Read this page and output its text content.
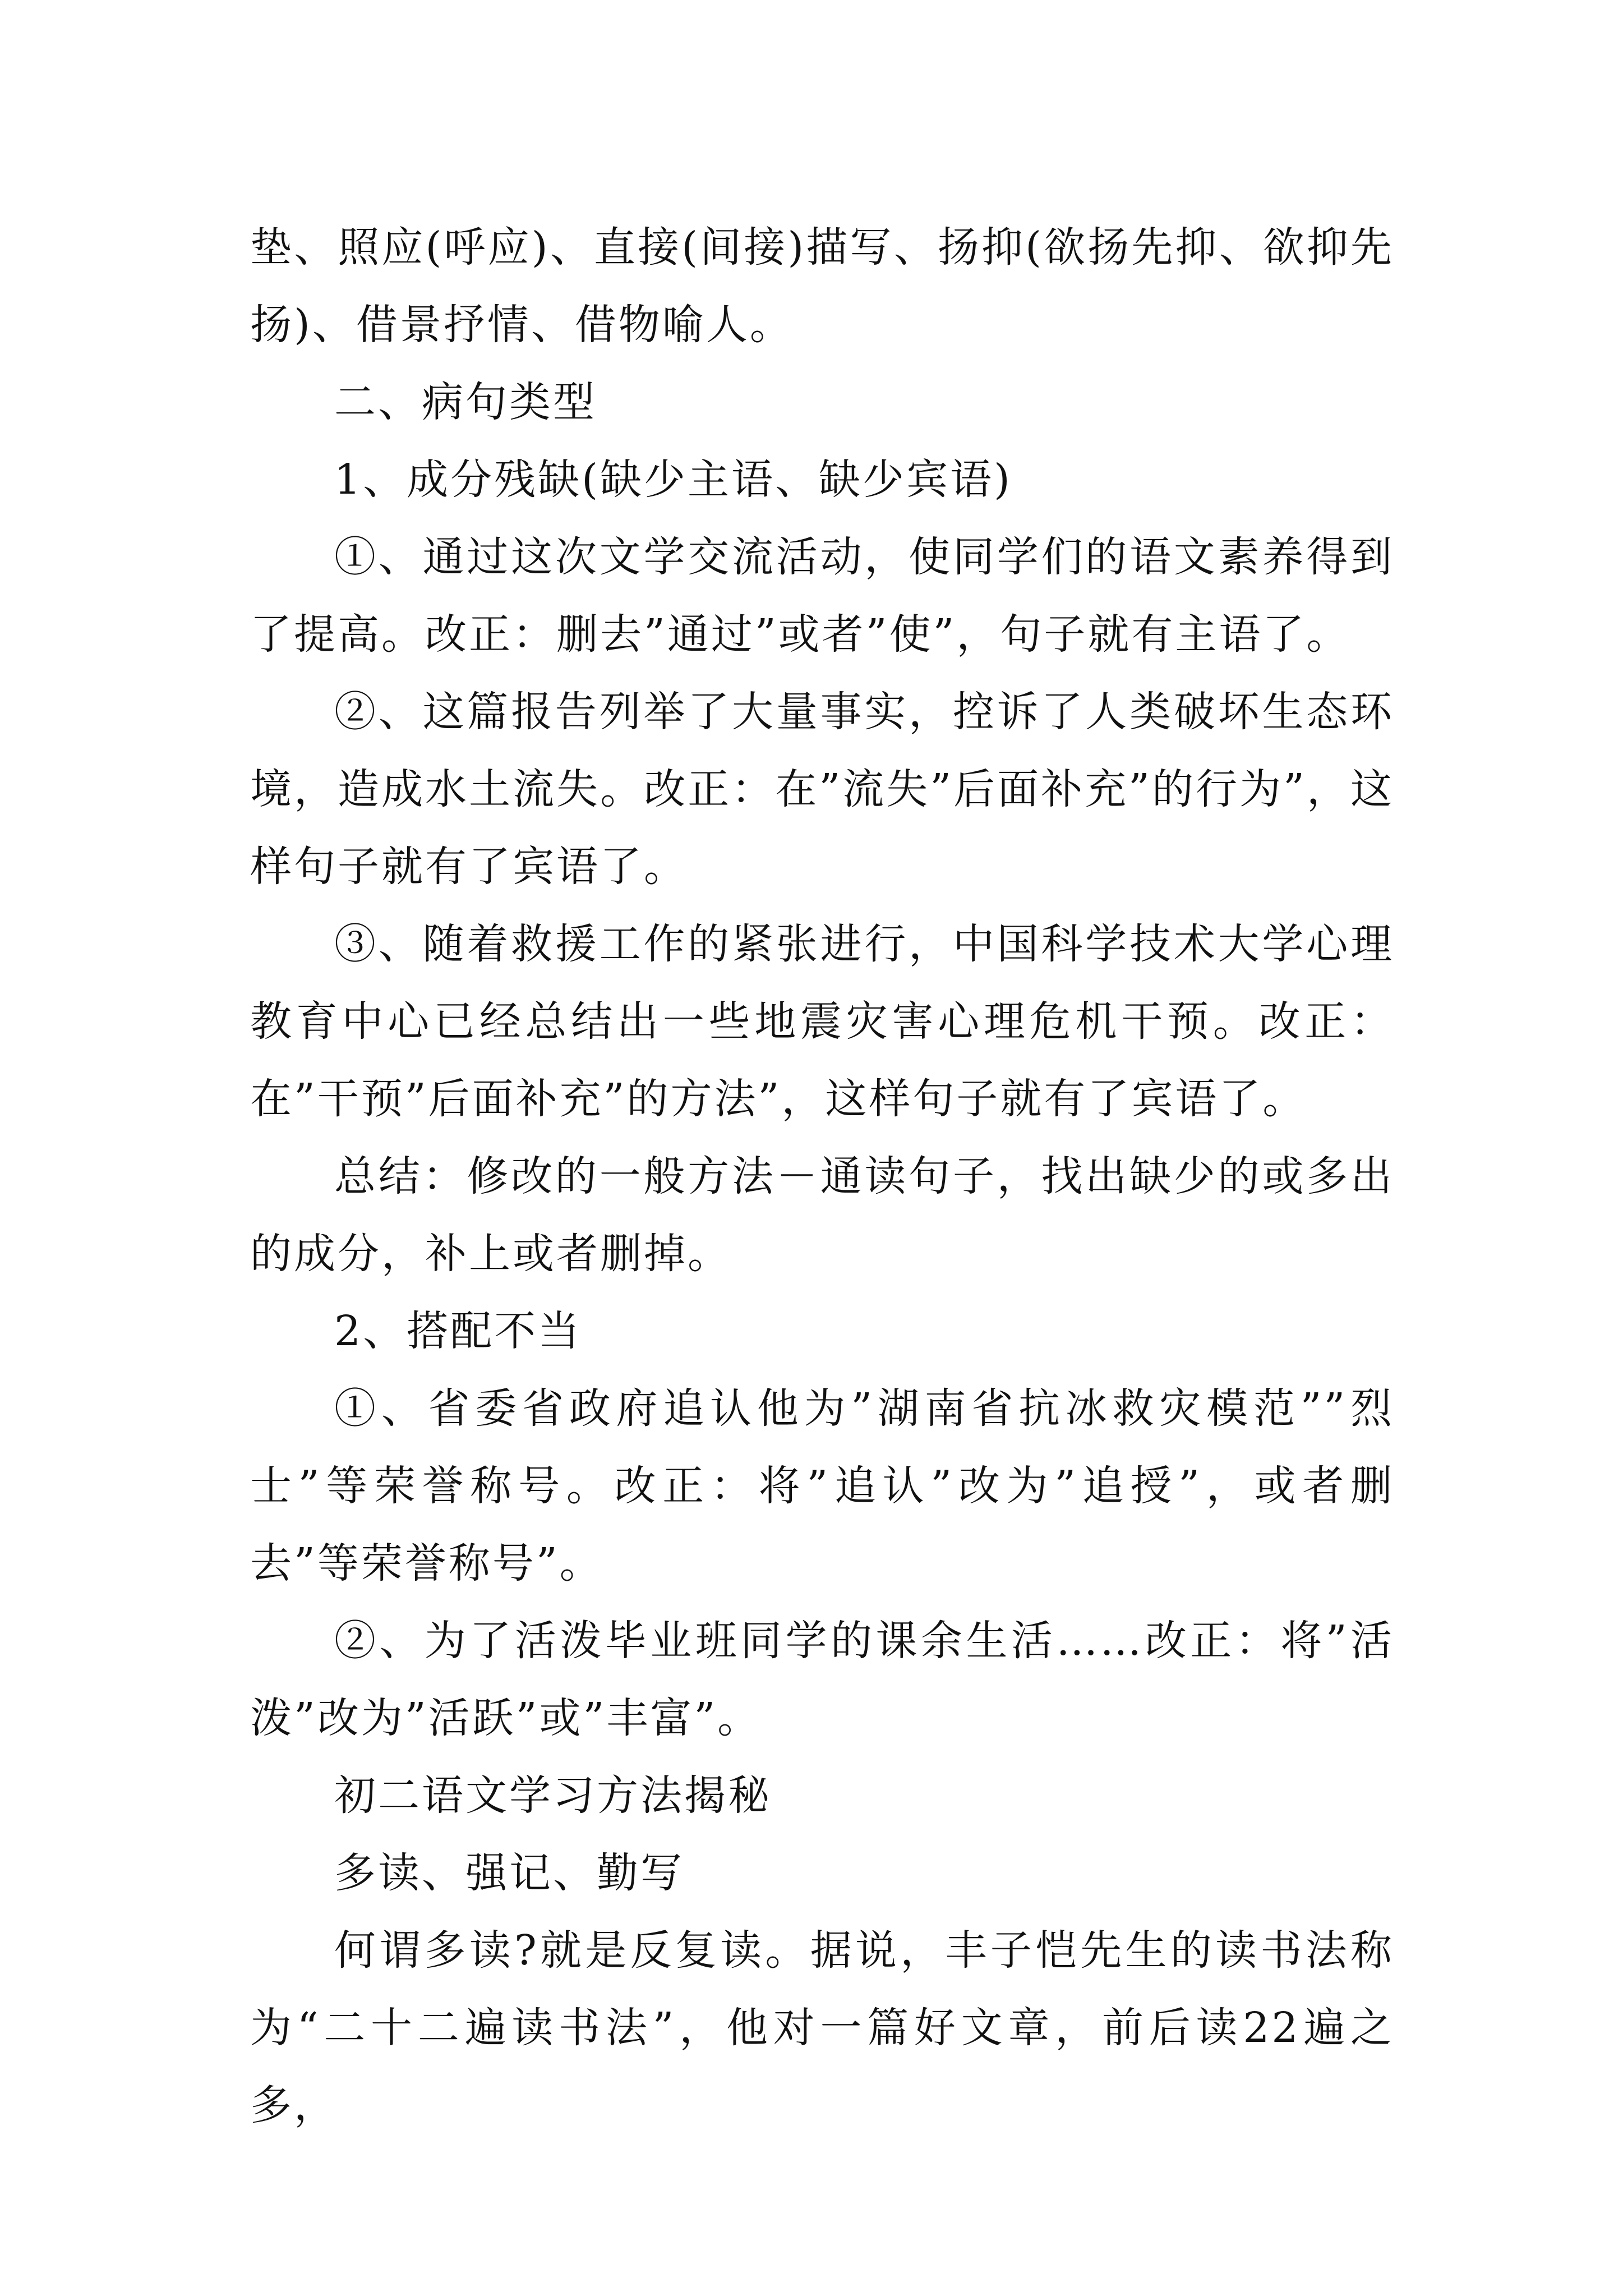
垫、照应(呼应)、直接(间接)描写、扬抑(欲扬先抑、欲抑先扬)、借景抒情、借物喻人。

二、病句类型

1、成分残缺(缺少主语、缺少宾语)

①、通过这次文学交流活动，使同学们的语文素养得到了提高。改正：删去”通过”或者”使”，句子就有主语了。

②、这篇报告列举了大量事实，控诉了人类破坏生态环境，造成水土流失。改正：在”流失”后面补充”的行为”，这样句子就有了宾语了。

③、随着救援工作的紧张进行，中国科学技术大学心理教育中心已经总结出一些地震灾害心理危机干预。改正：在”干预”后面补充”的方法”，这样句子就有了宾语了。

总结：修改的一般方法－通读句子，找出缺少的或多出的成分，补上或者删掉。

2、搭配不当

①、省委省政府追认他为”湖南省抗冰救灾模范””烈士”等荣誉称号。改正：将”追认”改为”追授”，或者删去”等荣誉称号”。

②、为了活泼毕业班同学的课余生活……改正：将”活泼”改为”活跃”或”丰富”。

初二语文学习方法揭秘

多读、强记、勤写

何谓多读?就是反复读。据说，丰子恺先生的读书法称为“二十二遍读书法”，他对一篇好文章，前后读22遍之多，
